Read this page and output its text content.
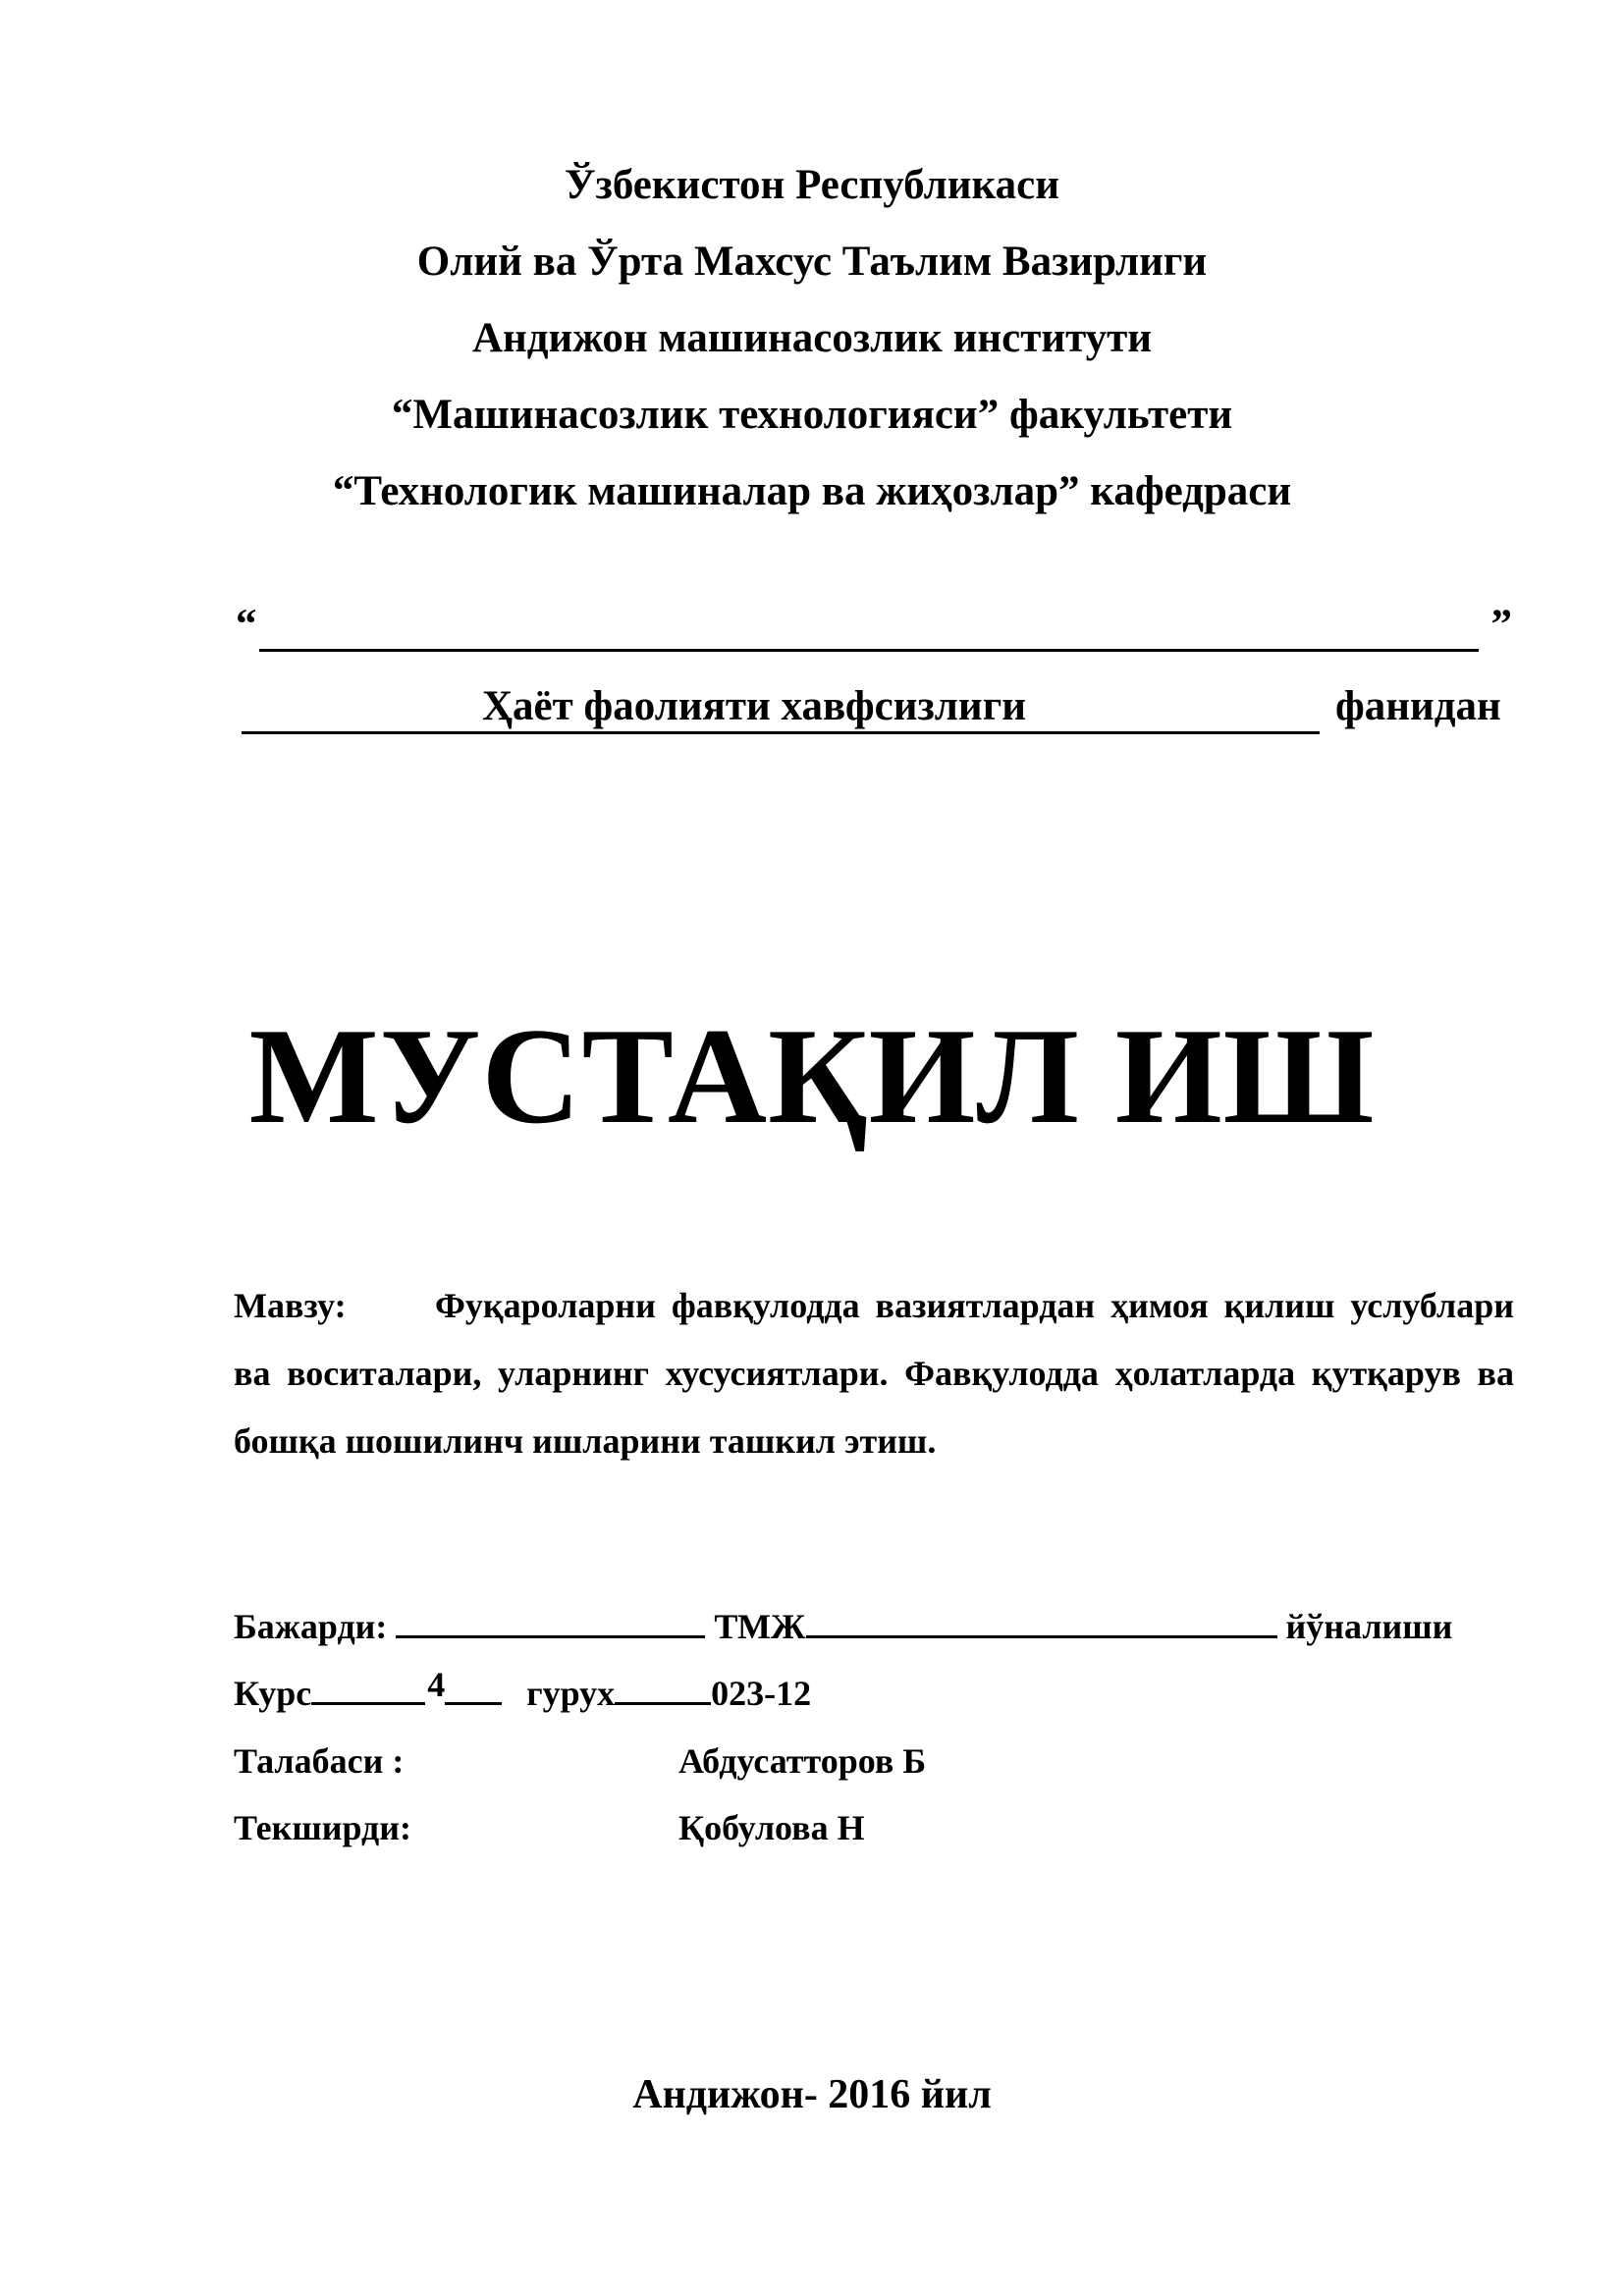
Ўзбекистон Республикаси
Олий ва Ўрта Махсус Таълим Вазирлиги
Андижон машинасозлик институти
“Машинасозлик технологияси” факультети
“Технологик машиналар ва жиҳозлар” кафедраси
“	”
Ҳаёт фаолияти хавфсизлиги	фанидан
МУСТАҚИЛ ИШ
Мавзу:	Фуқароларни фавқулодда вазиятлардан ҳимоя қилиш услублари ва воситалари, уларнинг хусусиятлари. Фавқулодда ҳолатларда қутқарув ва бошқа шошилинч ишларини ташкил этиш.
Бажарди:	ТМЖ	йўналиши
Курс	4 гурух	023-12
Талабаси :	Абдусатторов Б
Текширди:	Қобулова Н
Андижон- 2016 йил
